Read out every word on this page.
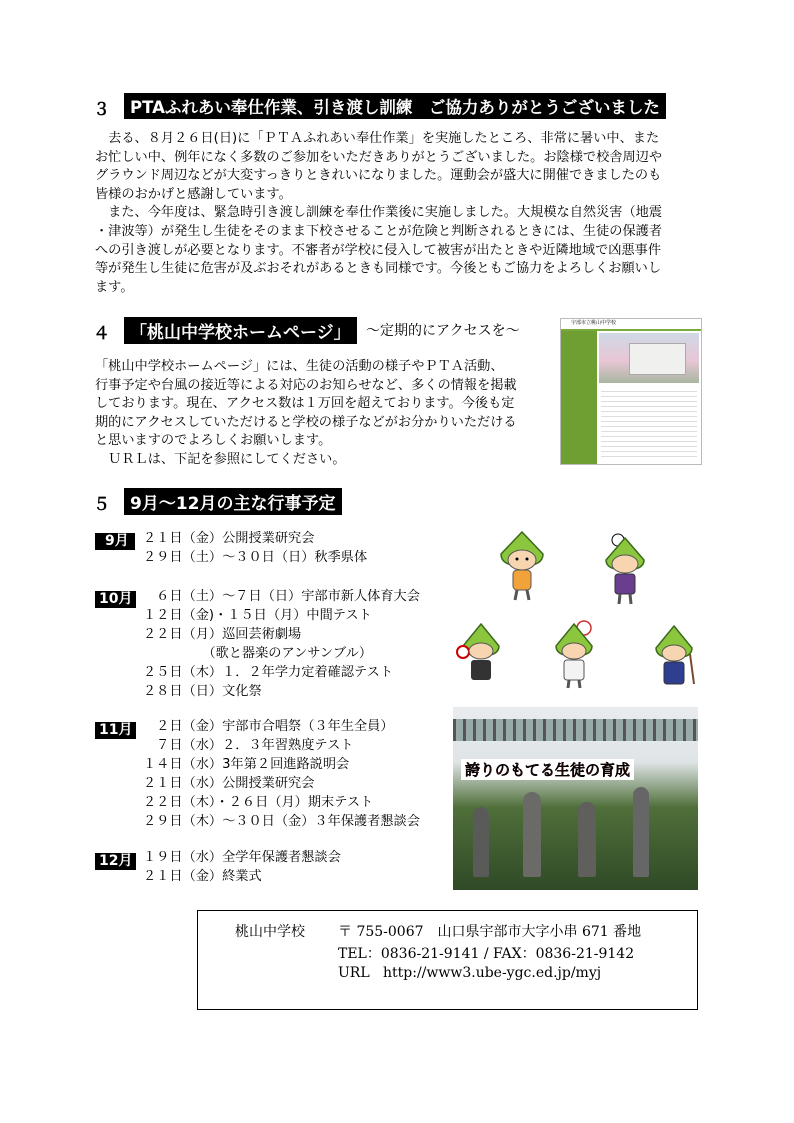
３	PTAふれあい奉仕作業、引き渡し訓練　ご協力ありがとうございました
　去る、８月２６日(日)に「ＰＴＡふれあい奉仕作業」を実施したところ、非常に暑い中、また
お忙しい中、例年になく多数のご参加をいただきありがとうございました。お陰様で校舎周辺や
グラウンド周辺などが大変すっきりときれいになりました。運動会が盛大に開催できましたのも
皆様のおかげと感謝しています。
　また、今年度は、緊急時引き渡し訓練を奉仕作業後に実施しました。大規模な自然災害（地震
・津波等）が発生し生徒をそのまま下校させることが危険と判断されるときには、生徒の保護者
への引き渡しが必要となります。不審者が学校に侵入して被害が出たときや近隣地域で凶悪事件
等が発生し生徒に危害が及ぶおそれがあるときも同様です。今後ともご協力をよろしくお願いし
ます。
４	「桃山中学校ホームページ」	～定期的にアクセスを～
「桃山中学校ホームページ」には、生徒の活動の様子やＰＴＡ活動、
行事予定や台風の接近等による対応のお知らせなど、多くの情報を掲載
しております。現在、アクセス数は１万回を超えております。今後も定
期的にアクセスしていただけると学校の様子などがお分かりいただける
と思いますのでよろしくお願いします。
　ＵＲＬは、下記を参照にしてください。
宇部市立桃山中学校
５	9月～12月の主な行事予定
9月	２１日（金）公開授業研究会
２９日（土）～３０日（日）秋季県体
10月 　６日（土）～７日（日）宇部市新人体育大会
１２日（金)・１５日（月）中間テスト
２２日（月）巡回芸術劇場
　　　　　（歌と器楽のアンサンブル）
２５日（木）１．２年学力定着確認テスト
２８日（日）文化祭
11月 　２日（金）宇部市合唱祭（３年生全員）
　７日（水）２．３年習熟度テスト
１４日（水）3年第２回進路説明会
２１日（水）公開授業研究会
２２日（木）・２６日（月）期末テスト
２９日（木）～３０日（金）３年保護者懇談会
12月 １９日（水）全学年保護者懇談会
２１日（金）終業式
誇りのもてる生徒の育成
桃山中学校 〒 755-0067　山口県宇部市大字小串 671 番地
TEL：0836-21-9141 / FAX：0836-21-9142
URL http://www3.ube-ygc.ed.jp/myj
